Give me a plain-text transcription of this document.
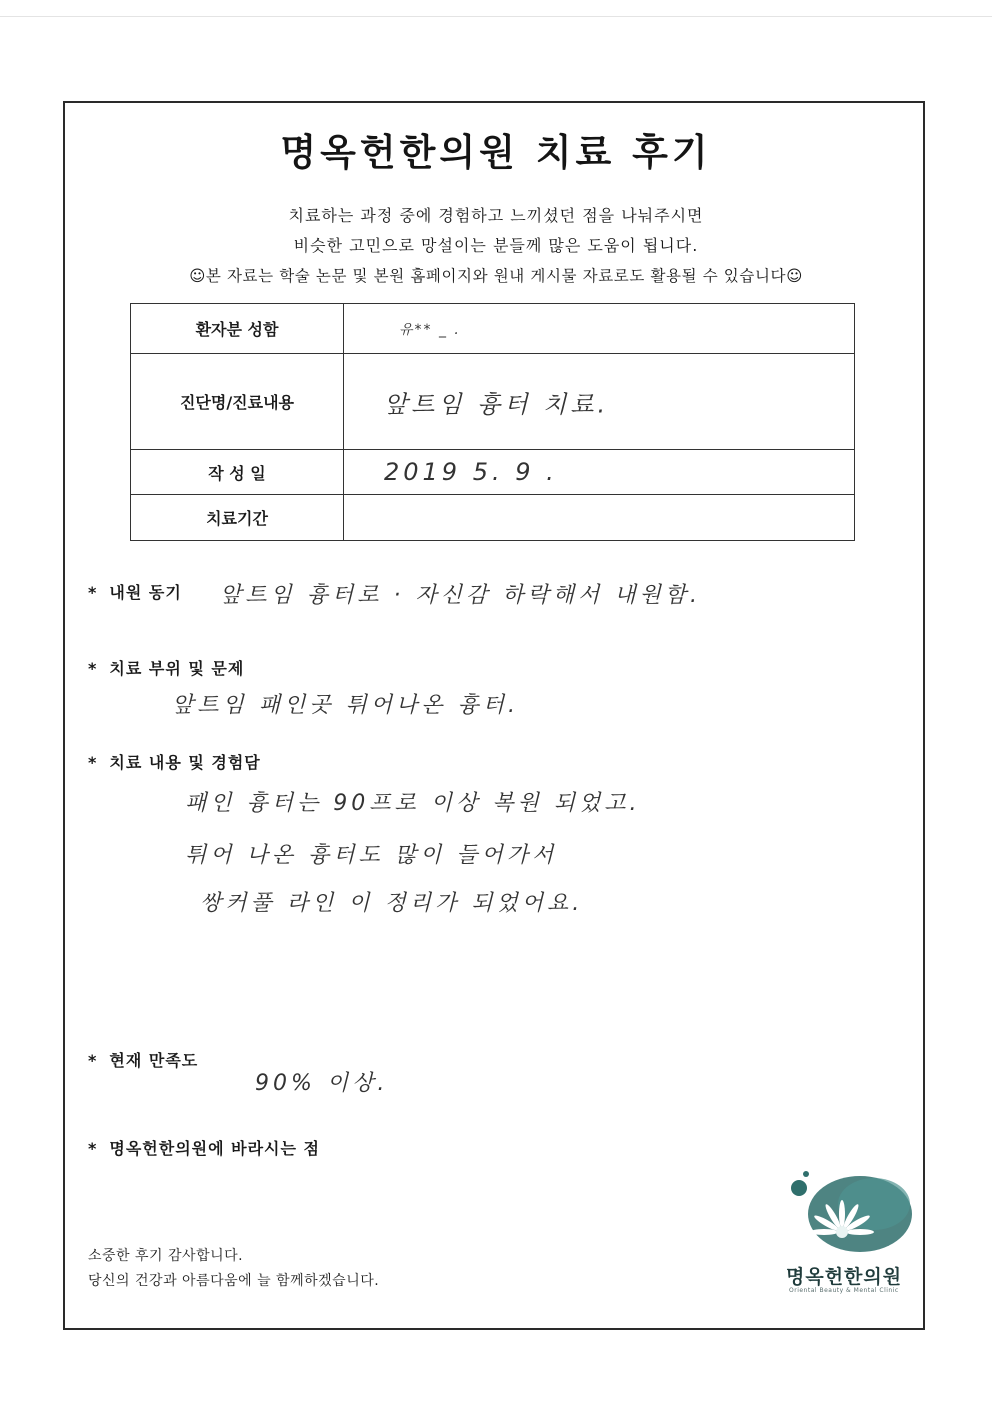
명옥헌한의원 치료 후기
치료하는 과정 중에 경험하고 느끼셨던 점을 나눠주시면
비슷한 고민으로 망설이는 분들께 많은 도움이 됩니다.
☺본 자료는 학술 논문 및 본원 홈페이지와 원내 게시물 자료로도 활용될 수 있습니다☺
환자분 성함	유** _ .

진단명/진료내용	앞트임 흉터 치료.

작 성 일	2019 5. 9 .

치료기간	
* 내원 동기 앞트임 흉터로 · 자신감 하락해서 내원함.
* 치료 부위 및 문제
앞트임 패인곳 튀어나온 흉터.
* 치료 내용 및 경험담
패인 흉터는 90프로 이상 복원 되었고.
튀어 나온 흉터도 많이 들어가서
쌍커풀 라인 이 정리가 되었어요.
* 현재 만족도
90% 이상.
* 명옥헌한의원에 바라시는 점
소중한 후기 감사합니다.
당신의 건강과 아름다움에 늘 함께하겠습니다.	명옥헌한의원
Oriental Beauty & Mental Clinic
